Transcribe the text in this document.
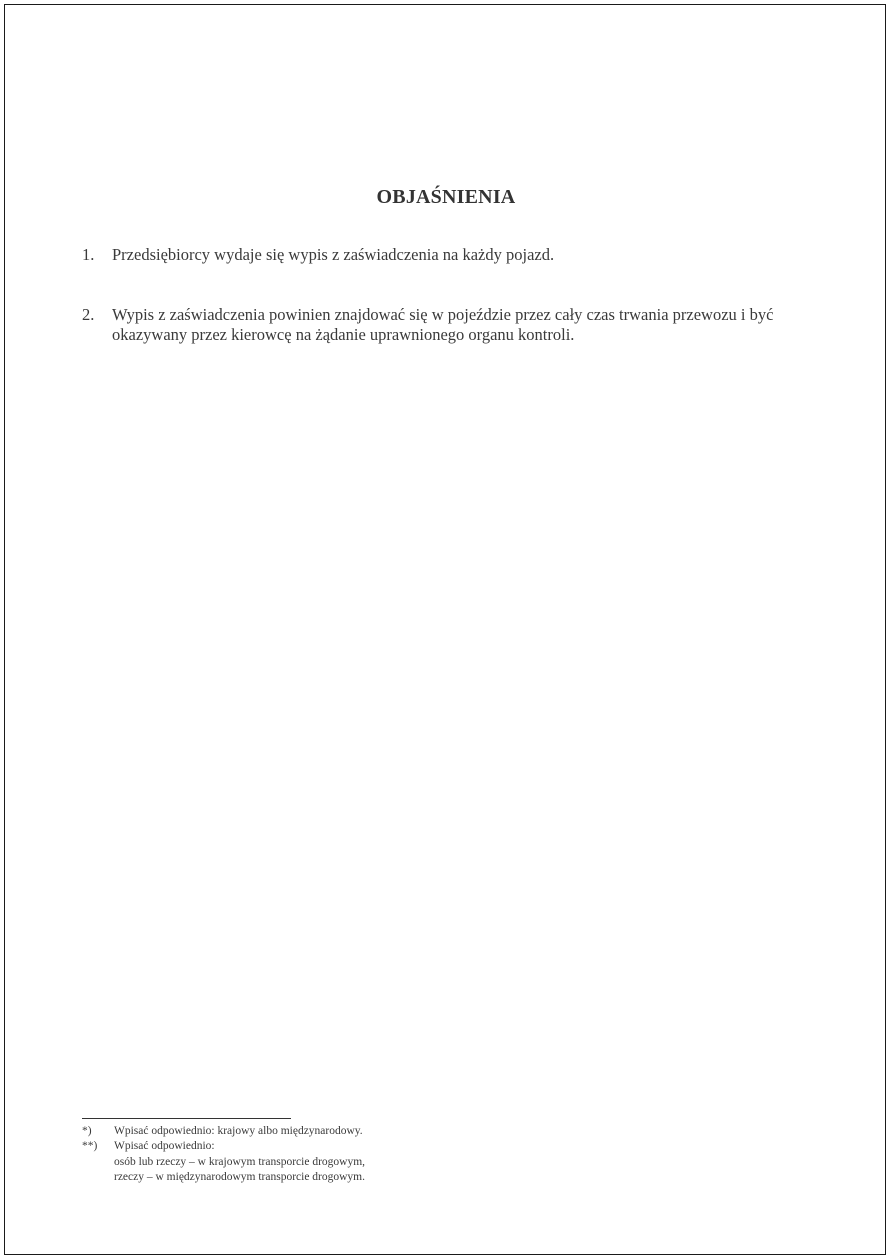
OBJAŚNIENIA
1.	Przedsiębiorcy wydaje się wypis z zaświadczenia na każdy pojazd.
2.	Wypis z zaświadczenia powinien znajdować się w pojeździe przez cały czas trwania przewozu i być
okazywany przez kierowcę na żądanie uprawnionego organu kontroli.
*)	Wpisać odpowiednio: krajowy albo międzynarodowy.
**)	Wpisać odpowiednio:
osób lub rzeczy – w krajowym transporcie drogowym,
rzeczy – w międzynarodowym transporcie drogowym.
